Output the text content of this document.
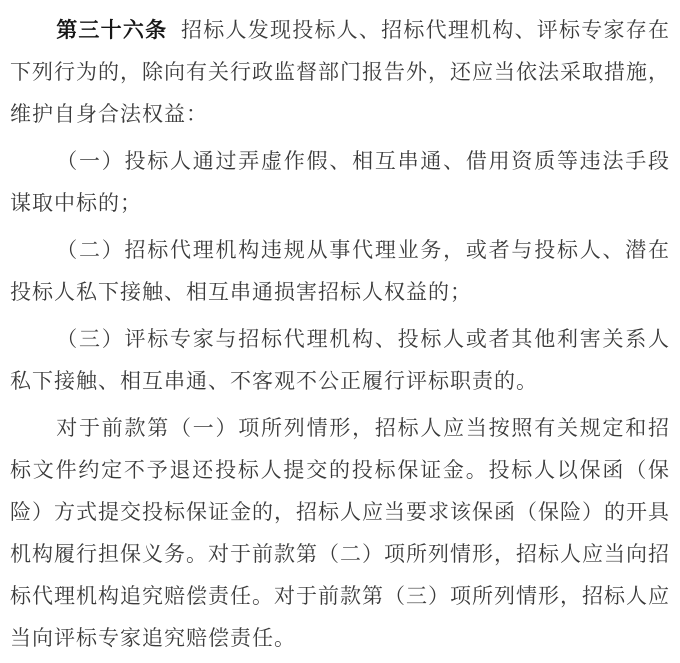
第三十六条 招标人发现投标人、招标代理机构、评标专家存在下列行为的，除向有关行政监督部门报告外，还应当依法采取措施，维护自身合法权益：

（一）投标人通过弄虚作假、相互串通、借用资质等违法手段谋取中标的；

（二）招标代理机构违规从事代理业务，或者与投标人、潜在投标人私下接触、相互串通损害招标人权益的；

（三）评标专家与招标代理机构、投标人或者其他利害关系人私下接触、相互串通、不客观不公正履行评标职责的。

对于前款第（一）项所列情形，招标人应当按照有关规定和招标文件约定不予退还投标人提交的投标保证金。投标人以保函（保险）方式提交投标保证金的，招标人应当要求该保函（保险）的开具机构履行担保义务。对于前款第（二）项所列情形，招标人应当向招标代理机构追究赔偿责任。对于前款第（三）项所列情形，招标人应当向评标专家追究赔偿责任。
